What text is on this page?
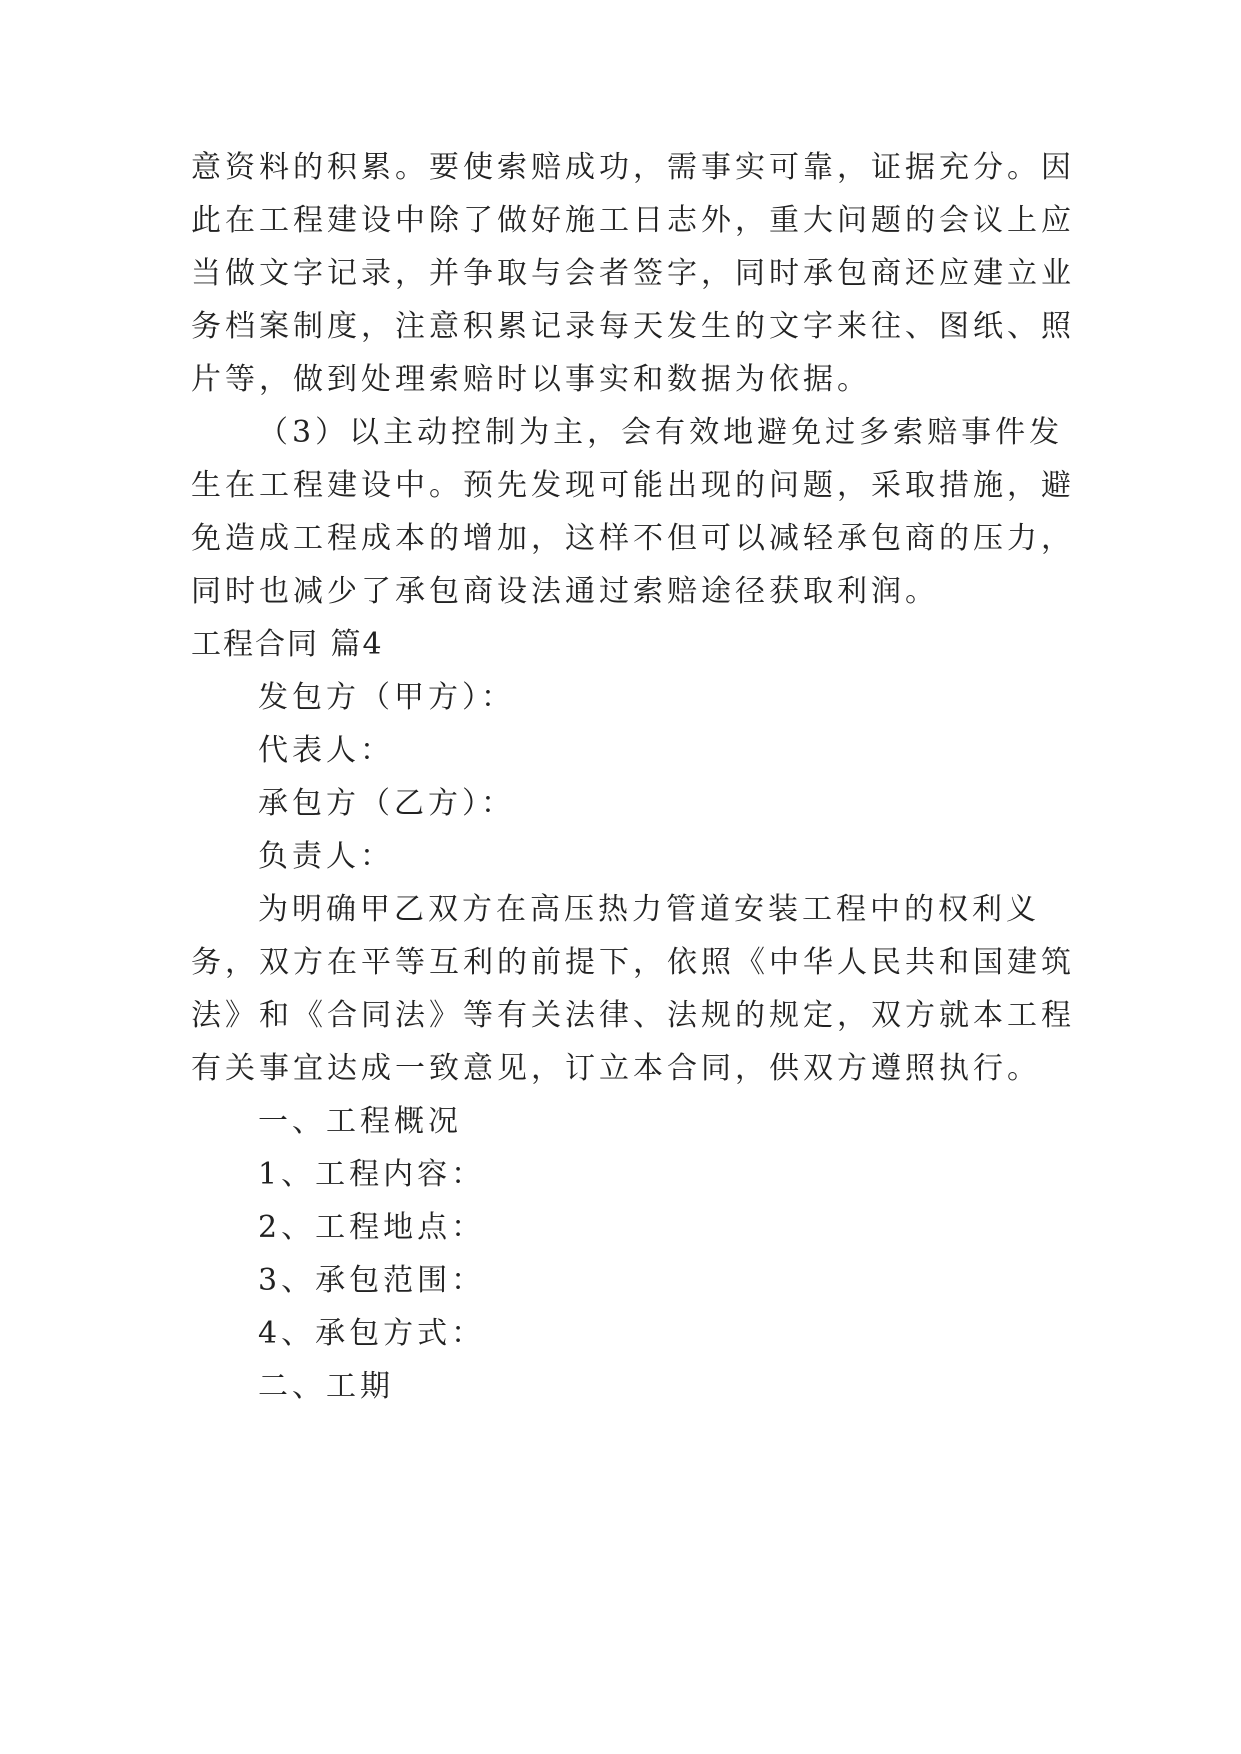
意资料的积累。要使索赔成功，需事实可靠，证据充分。因
此在工程建设中除了做好施工日志外，重大问题的会议上应
当做文字记录，并争取与会者签字，同时承包商还应建立业
务档案制度，注意积累记录每天发生的文字来往、图纸、照
片等，做到处理索赔时以事实和数据为依据。
（3）以主动控制为主，会有效地避免过多索赔事件发
生在工程建设中。预先发现可能出现的问题，采取措施，避
免造成工程成本的增加，这样不但可以减轻承包商的压力，
同时也减少了承包商设法通过索赔途径获取利润。
工程合同 篇4
发包方（甲方）：
代表人：
承包方（乙方）：
负责人：
为明确甲乙双方在高压热力管道安装工程中的权利义
务，双方在平等互利的前提下，依照《中华人民共和国建筑
法》和《合同法》等有关法律、法规的规定，双方就本工程
有关事宜达成一致意见，订立本合同，供双方遵照执行。
一、工程概况
1、工程内容：
2、工程地点：
3、承包范围：
4、承包方式：
二、工期
